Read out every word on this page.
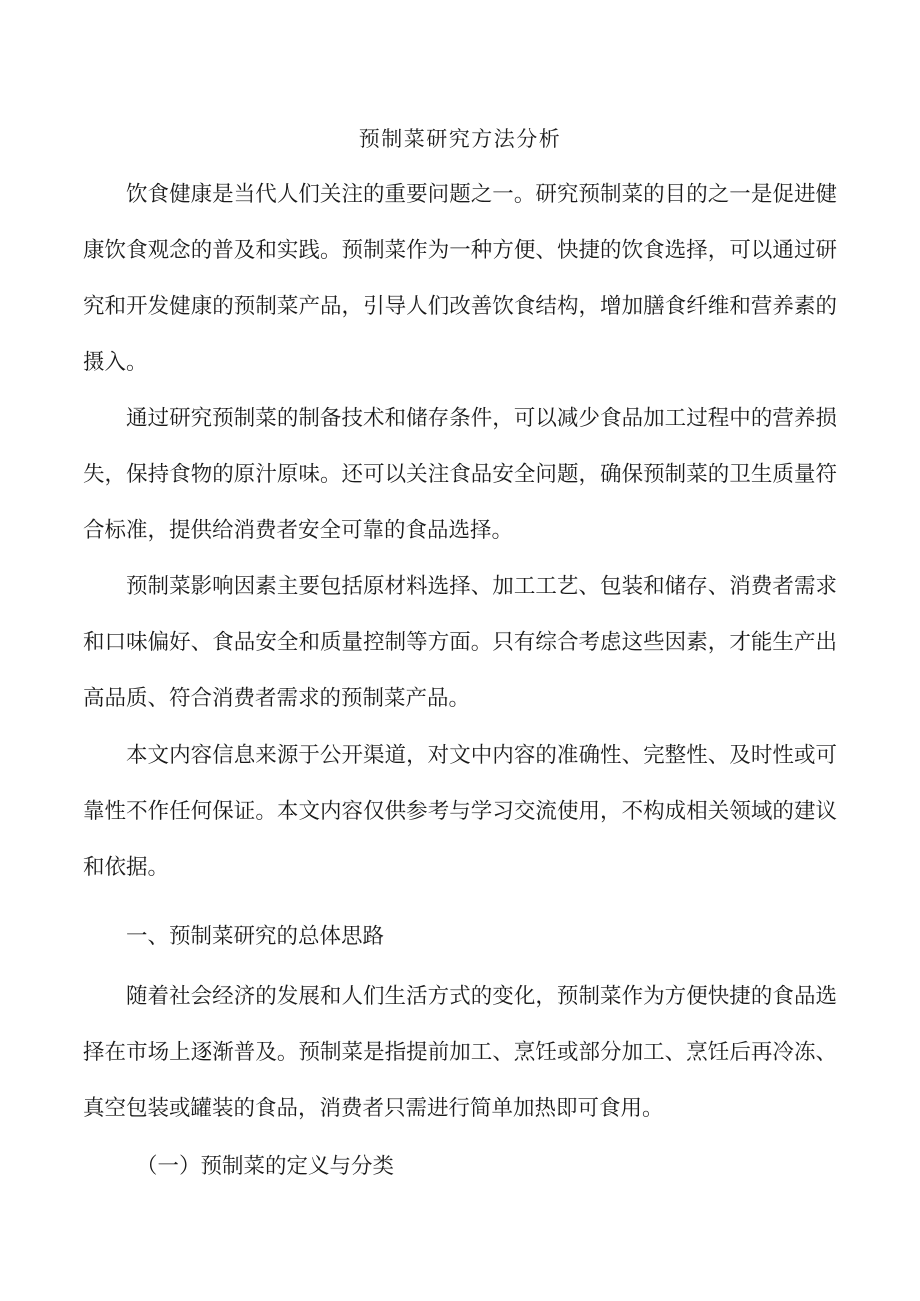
预制菜研究方法分析

饮食健康是当代人们关注的重要问题之一。研究预制菜的目的之一是促进健康饮食观念的普及和实践。预制菜作为一种方便、快捷的饮食选择，可以通过研究和开发健康的预制菜产品，引导人们改善饮食结构，增加膳食纤维和营养素的摄入。

通过研究预制菜的制备技术和储存条件，可以减少食品加工过程中的营养损失，保持食物的原汁原味。还可以关注食品安全问题，确保预制菜的卫生质量符合标准，提供给消费者安全可靠的食品选择。

预制菜影响因素主要包括原材料选择、加工工艺、包装和储存、消费者需求和口味偏好、食品安全和质量控制等方面。只有综合考虑这些因素，才能生产出高品质、符合消费者需求的预制菜产品。

本文内容信息来源于公开渠道，对文中内容的准确性、完整性、及时性或可靠性不作任何保证。本文内容仅供参考与学习交流使用，不构成相关领域的建议和依据。

一、预制菜研究的总体思路

随着社会经济的发展和人们生活方式的变化，预制菜作为方便快捷的食品选择在市场上逐渐普及。预制菜是指提前加工、烹饪或部分加工、烹饪后再冷冻、真空包装或罐装的食品，消费者只需进行简单加热即可食用。

（一）预制菜的定义与分类
